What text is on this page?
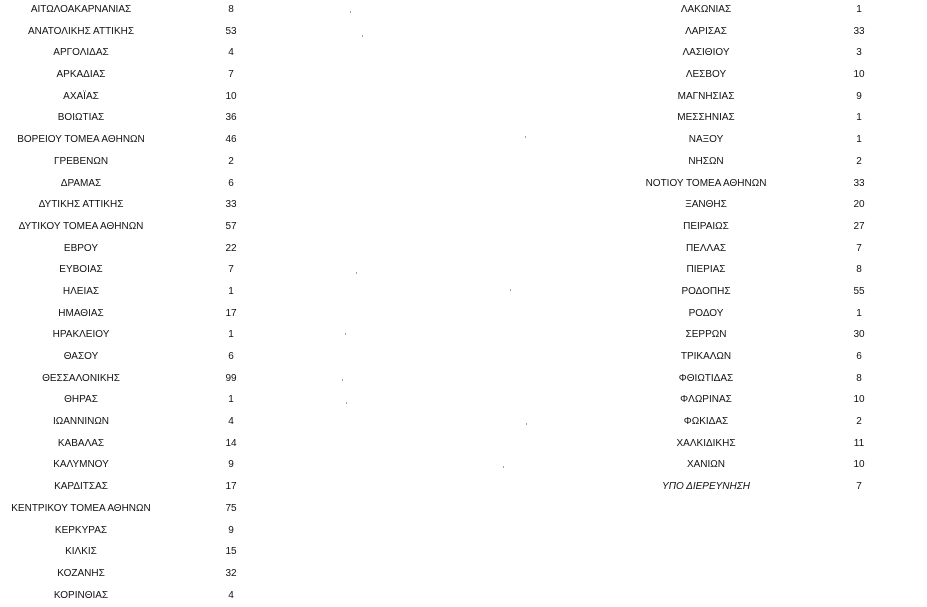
ΑΙΤΩΛΟΑΚΑΡΝΑΝΙΑΣ	8
ΑΝΑΤΟΛΙΚΗΣ ΑΤΤΙΚΗΣ	53
ΑΡΓΟΛΙΔΑΣ	4
ΑΡΚΑΔΙΑΣ	7
ΑΧΑΪΑΣ	10
ΒΟΙΩΤΙΑΣ	36
ΒΟΡΕΙΟΥ ΤΟΜΕΑ ΑΘΗΝΩΝ	46
ΓΡΕΒΕΝΩΝ	2
ΔΡΑΜΑΣ	6
ΔΥΤΙΚΗΣ ΑΤΤΙΚΗΣ	33
ΔΥΤΙΚΟΥ ΤΟΜΕΑ ΑΘΗΝΩΝ	57
ΕΒΡΟΥ	22
ΕΥΒΟΙΑΣ	7
ΗΛΕΙΑΣ	1
ΗΜΑΘΙΑΣ	17
ΗΡΑΚΛΕΙΟΥ	1
ΘΑΣΟΥ	6
ΘΕΣΣΑΛΟΝΙΚΗΣ	99
ΘΗΡΑΣ	1
ΙΩΑΝΝΙΝΩΝ	4
ΚΑΒΑΛΑΣ	14
ΚΑΛΥΜΝΟΥ	9
ΚΑΡΔΙΤΣΑΣ	17
ΚΕΝΤΡΙΚΟΥ ΤΟΜΕΑ ΑΘΗΝΩΝ	75
ΚΕΡΚΥΡΑΣ	9
ΚΙΛΚΙΣ	15
ΚΟΖΑΝΗΣ	32
ΚΟΡΙΝΘΙΑΣ	4
ΛΑΚΩΝΙΑΣ	1
ΛΑΡΙΣΑΣ	33
ΛΑΣΙΘΙΟΥ	3
ΛΕΣΒΟΥ	10
ΜΑΓΝΗΣΙΑΣ	9
ΜΕΣΣΗΝΙΑΣ	1
ΝΑΞΟΥ	1
ΝΗΣΩΝ	2
ΝΟΤΙΟΥ ΤΟΜΕΑ ΑΘΗΝΩΝ	33
ΞΑΝΘΗΣ	20
ΠΕΙΡΑΙΩΣ	27
ΠΕΛΛΑΣ	7
ΠΙΕΡΙΑΣ	8
ΡΟΔΟΠΗΣ	55
ΡΟΔΟΥ	1
ΣΕΡΡΩΝ	30
ΤΡΙΚΑΛΩΝ	6
ΦΘΙΩΤΙΔΑΣ	8
ΦΛΩΡΙΝΑΣ	10
ΦΩΚΙΔΑΣ	2
ΧΑΛΚΙΔΙΚΗΣ	11
ΧΑΝΙΩΝ	10
ΥΠΟ ΔΙΕΡΕΥΝΗΣΗ	7
